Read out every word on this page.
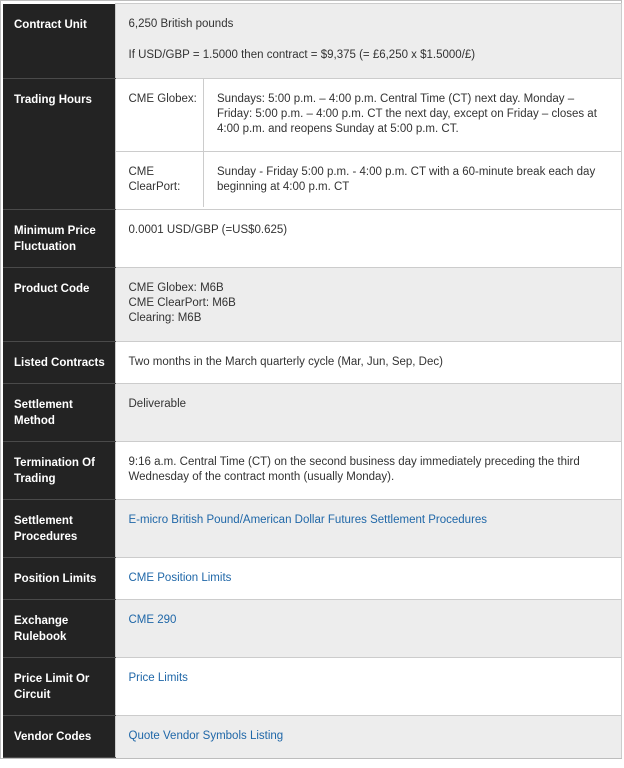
Contract Unit	6,250 British pounds
If USD/GBP = 1.5000 then contract = $9,375 (= £6,250 x $1.5000/£)

Trading Hours		CME Globex:	Sundays: 5:00 p.m. – 4:00 p.m. Central Time (CT) next day. Monday – Friday: 5:00 p.m. – 4:00 p.m. CT the next day, except on Friday – closes at 4:00 p.m. and reopens Sunday at 5:00 p.m. CT.
CME ClearPort:	Sunday - Friday 5:00 p.m. - 4:00 p.m. CT with a 60-minute break each day beginning at 4:00 p.m. CT

Minimum Price Fluctuation	0.0001 USD/GBP (=US$0.625)
Product Code	CME Globex: M6B
CME ClearPort: M6B
Clearing: M6B

Listed Contracts	Two months in the March quarterly cycle (Mar, Jun, Sep, Dec)
Settlement Method	Deliverable
Termination Of Trading	9:16 a.m. Central Time (CT) on the second business day immediately preceding the third Wednesday of the contract month (usually Monday).
Settlement Procedures	E-micro British Pound/American Dollar Futures Settlement Procedures
Position Limits	CME Position Limits
Exchange Rulebook	CME 290
Price Limit Or Circuit	Price Limits
Vendor Codes	Quote Vendor Symbols Listing
